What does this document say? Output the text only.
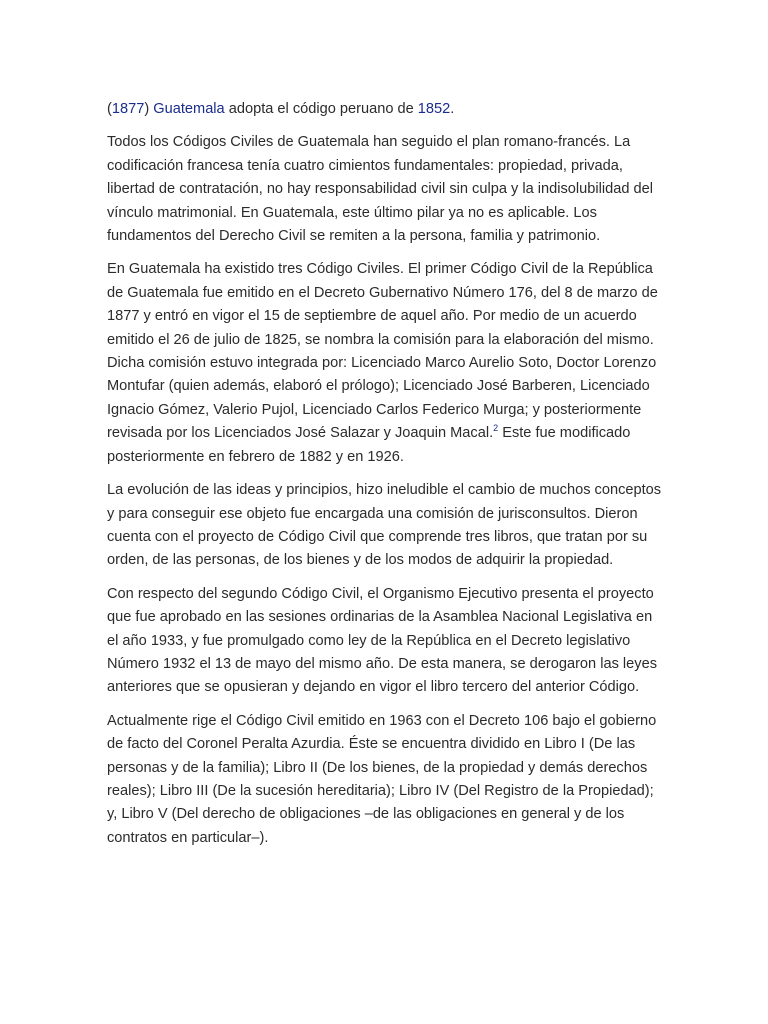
(1877) Guatemala adopta el código peruano de 1852.

Todos los Códigos Civiles de Guatemala han seguido el plan romano-francés. La codificación francesa tenía cuatro cimientos fundamentales: propiedad, privada, libertad de contratación, no hay responsabilidad civil sin culpa y la indisolubilidad del vínculo matrimonial. En Guatemala, este último pilar ya no es aplicable. Los fundamentos del Derecho Civil se remiten a la persona, familia y patrimonio.

En Guatemala ha existido tres Código Civiles. El primer Código Civil de la República de Guatemala fue emitido en el Decreto Gubernativo Número 176, del 8 de marzo de 1877 y entró en vigor el 15 de septiembre de aquel año. Por medio de un acuerdo emitido el 26 de julio de 1825, se nombra la comisión para la elaboración del mismo. Dicha comisión estuvo integrada por: Licenciado Marco Aurelio Soto, Doctor Lorenzo Montufar (quien además, elaboró el prólogo); Licenciado José Barberen, Licenciado Ignacio Gómez, Valerio Pujol, Licenciado Carlos Federico Murga; y posteriormente revisada por los Licenciados José Salazar y Joaquin Macal.$^2$ Este fue modificado posteriormente en febrero de 1882 y en 1926.

La evolución de las ideas y principios, hizo ineludible el cambio de muchos conceptos y para conseguir ese objeto fue encargada una comisión de jurisconsultos. Dieron cuenta con el proyecto de Código Civil que comprende tres libros, que tratan por su orden, de las personas, de los bienes y de los modos de adquirir la propiedad.

Con respecto del segundo Código Civil, el Organismo Ejecutivo presenta el proyecto que fue aprobado en las sesiones ordinarias de la Asamblea Nacional Legislativa en el año 1933, y fue promulgado como ley de la República en el Decreto legislativo Número 1932 el 13 de mayo del mismo año. De esta manera, se derogaron las leyes anteriores que se opusieran y dejando en vigor el libro tercero del anterior Código.

Actualmente rige el Código Civil emitido en 1963 con el Decreto 106 bajo el gobierno de facto del Coronel Peralta Azurdia. Éste se encuentra dividido en Libro I (De las personas y de la familia); Libro II (De los bienes, de la propiedad y demás derechos reales); Libro III (De la sucesión hereditaria); Libro IV (Del Registro de la Propiedad); y, Libro V (Del derecho de obligaciones –de las obligaciones en general y de los contratos en particular–).
